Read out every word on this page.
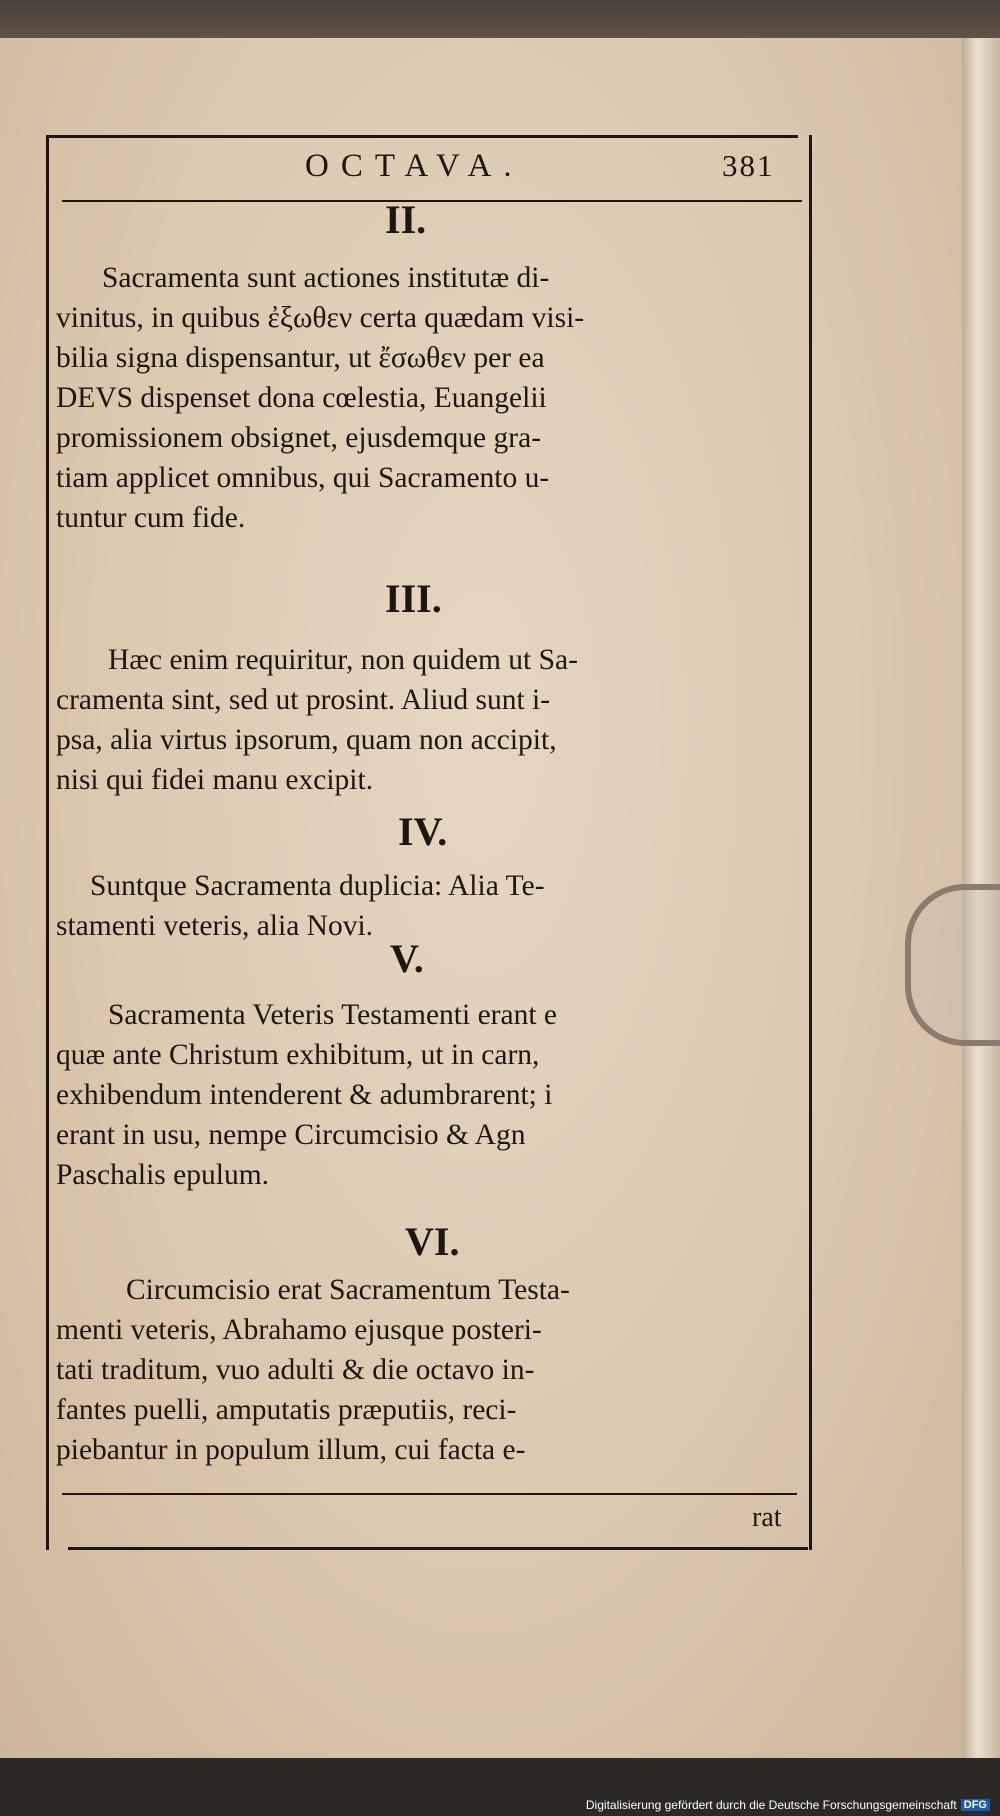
OCTAVA.	381
II.
Sacramenta sunt actiones institutæ di-
vinitus, in quibus ἐξωθεν certa quædam visi-
bilia signa dispensantur, ut ἔσωθεν per ea
DEVS dispenset dona cœlestia, Euangelii
promissionem obsignet, ejusdemque gra-
tiam applicet omnibus, qui Sacramento u-
tuntur cum fide.
III.
Hæc enim requiritur, non quidem ut Sa-
cramenta sint, sed ut prosint. Aliud sunt i-
psa, alia virtus ipsorum, quam non accipit,
nisi qui fidei manu excipit.
IV.
Suntque Sacramenta duplicia: Alia Te-
stamenti veteris, alia Novi.
V.
Sacramenta Veteris Testamenti erant e
quæ ante Christum exhibitum, ut in carn,
exhibendum intenderent & adumbrarent; i
erant in usu, nempe Circumcisio & Agn
Paschalis epulum.
VI.
Circumcisio erat Sacramentum Testa-
menti veteris, Abrahamo ejusque posteri-
tati traditum, vuo adulti & die octavo in-
fantes puelli, amputatis præputiis, reci-
piebantur in populum illum, cui facta e-
rat
Digitalisierung gefördert durch die Deutsche Forschungsgemeinschaft DFG
